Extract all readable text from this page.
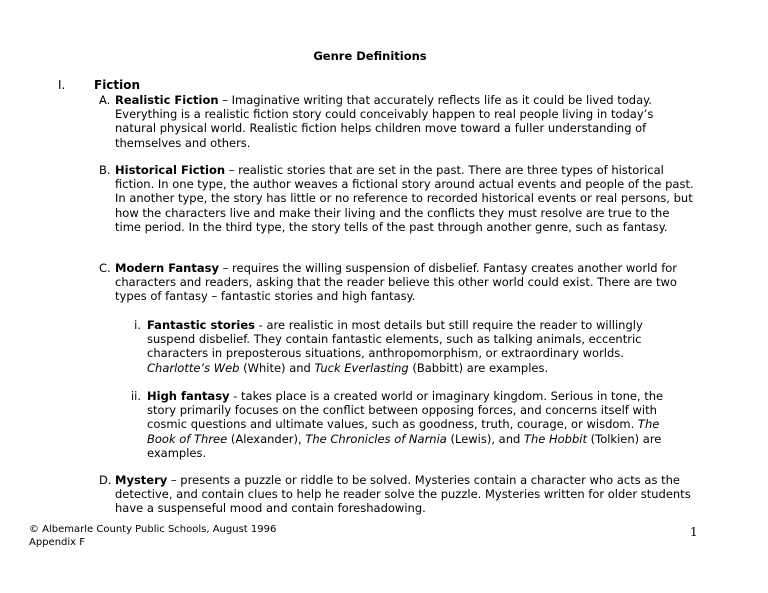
Genre Definitions
I. Fiction
A. Realistic Fiction – Imaginative writing that accurately reflects life as it could be lived today. Everything is a realistic fiction story could conceivably happen to real people living in today’s natural physical world. Realistic fiction helps children move toward a fuller understanding of themselves and others.
B. Historical Fiction – realistic stories that are set in the past. There are three types of historical fiction. In one type, the author weaves a fictional story around actual events and people of the past. In another type, the story has little or no reference to recorded historical events or real persons, but how the characters live and make their living and the conflicts they must resolve are true to the time period. In the third type, the story tells of the past through another genre, such as fantasy.
C. Modern Fantasy – requires the willing suspension of disbelief. Fantasy creates another world for characters and readers, asking that the reader believe this other world could exist. There are two types of fantasy – fantastic stories and high fantasy.
i. Fantastic stories - are realistic in most details but still require the reader to willingly suspend disbelief. They contain fantastic elements, such as talking animals, eccentric characters in preposterous situations, anthropomorphism, or extraordinary worlds. Charlotte’s Web (White) and Tuck Everlasting (Babbitt) are examples.
ii. High fantasy - takes place is a created world or imaginary kingdom. Serious in tone, the story primarily focuses on the conflict between opposing forces, and concerns itself with cosmic questions and ultimate values, such as goodness, truth, courage, or wisdom. The Book of Three (Alexander), The Chronicles of Narnia (Lewis), and The Hobbit (Tolkien) are examples.
D. Mystery – presents a puzzle or riddle to be solved. Mysteries contain a character who acts as the detective, and contain clues to help he reader solve the puzzle. Mysteries written for older students have a suspenseful mood and contain foreshadowing.
© Albemarle County Public Schools, August 1996
Appendix F
1
